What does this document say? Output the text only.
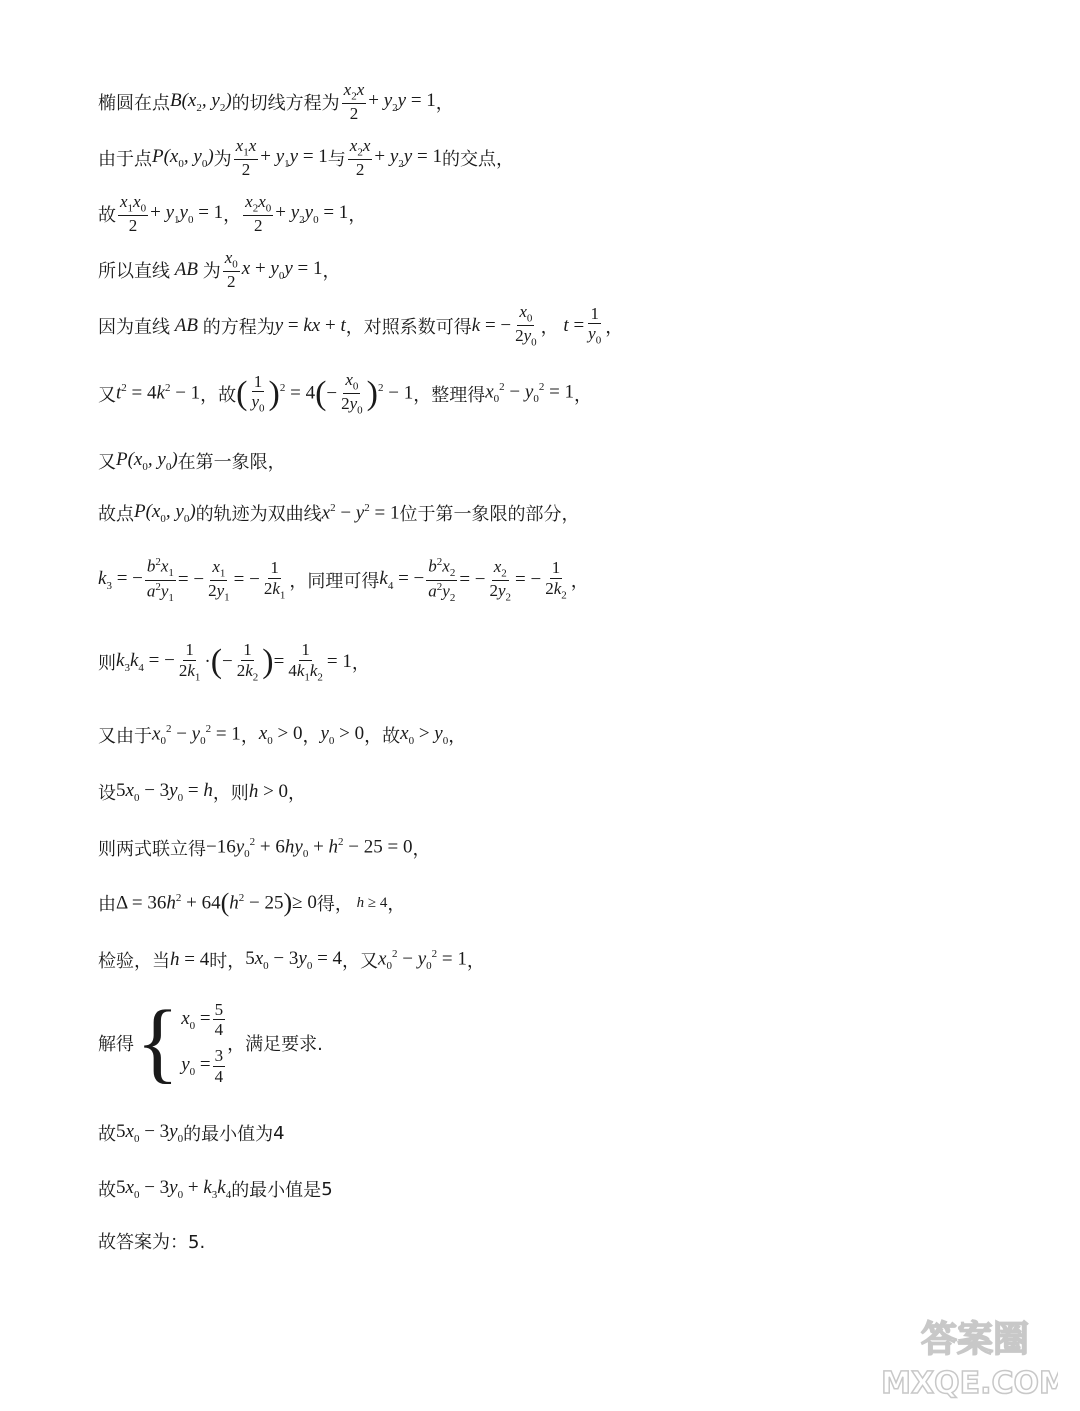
椭圆在点 $B(x_2$, $y_2$) 的切线方程为 $\frac{x_2x}{2} + y_2y = 1$ ，
由于点 $P(x_0$, $y_0$) 为 $\frac{x_1x}{2} + y_1y = 1$ 与 $\frac{x_2x}{2} + y_2y = 1$ 的交点，
故 $\frac{x_1x_0}{2} + y_1y_0 = 1$ ， $\frac{x_2x_0}{2} + y_2y_0 = 1$ ，
所以直线 AB 为 $\frac{x_0}{2}$ $x + y_0y = 1$ ，
因为直线 AB 的方程为 y = kx + t ，对照系数可得 k = − $\frac{x_0}{2y_0}$ ， $t = \frac{1}{y_0}$ ，
又 $t^2 = 4k^2 - 1$ ，故 ( $\frac{1}{y_0}$ ) $^2$ = 4 ( − $\frac{x_0}{2y_0}$ ) $^2$ − 1 ，整理得 $x_0^2 - y_0^2 = 1$ ，
又 $P(x_0$, $y_0$) 在第一象限，
故点 $P(x_0$, $y_0$) 的轨迹为双曲线 $x^2 - y^2 = 1$ 位于第一象限的部分，
$k_3$ = − $\frac{b^2x_1}{a^2y_1}$ = − $\frac{x_1}{2y_1}$ = − $\frac{1}{2k_1}$ ，同理可得 $k_4$ = − $\frac{b^2x_2}{a^2y_2}$ = − $\frac{x_2}{2y_2}$ = − $\frac{1}{2k_2}$ ，
则 $k_3k_4$ = − $\frac{1}{2k_1}$ · ( − $\frac{1}{2k_2}$ ) = $\frac{1}{4k_1k_2} = 1$ ，
又由于 $x_0^2 - y_0^2 = 1$ ， $x_0 > 0$ ， $y_0 > 0$ ，故 $x_0 > y_0$ ，
设 $5x_0 - 3y_0 = h$ ，则 h > 0 ，
则两式联立得 $-16y_0^2 + 6hy_0 + h^2 - 25 = 0$ ，
由 $\Delta = 36h^2 + 64$ ( $h^2 - 25$ ) ≥ 0 得， h ≥ 4 ，
检验，当 h = 4 时， $5x_0 - 3y_0 = 4$ ，又 $x_0^2 - y_0^2 = 1$ ，
解得 { $x_0 = \frac{5}{4}$
$y_0 = \frac{3}{4}$
，满足要求.
故 $5x_0 - 3y_0$ 的最小值为 4
故 $5x_0 - 3y_0 + k_3k_4$ 的最小值是 5
故答案为：5.
答案圈
MXQE.COM
